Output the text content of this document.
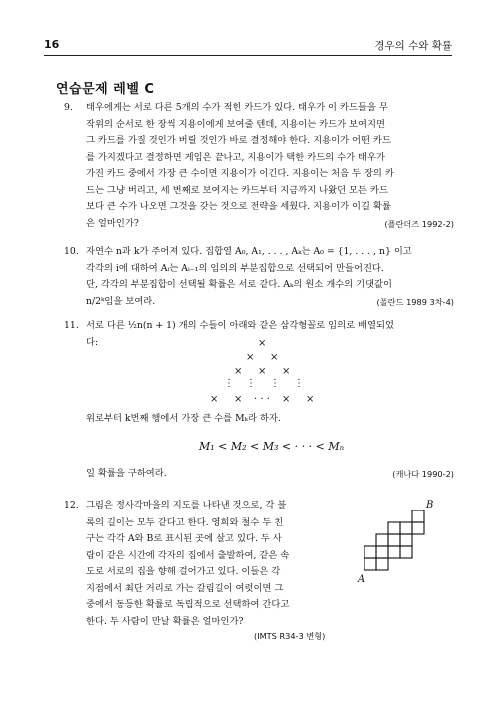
16	경우의 수와 확률
연습문제 레벨 C
9.	태우에게는 서로 다른 5개의 수가 적힌 카드가 있다. 태우가 이 카드들을 무
작위의 순서로 한 장씩 지용이에게 보여줄 텐데, 지용이는 카드가 보여지면
그 카드를 가질 것인가 버릴 것인가 바로 결정해야 한다. 지용이가 어떤 카드
를 가지겠다고 결정하면 게임은 끝나고, 지용이가 택한 카드의 수가 태우가
가진 카드 중에서 가장 큰 수이면 지용이가 이긴다. 지용이는 처음 두 장의 카
드는 그냥 버리고, 세 번째로 보여지는 카드부터 지금까지 나왔던 모든 카드
보다 큰 수가 나오면 그것을 갖는 것으로 전략을 세웠다. 지용이가 이길 확률
은 얼마인가?	(플란더즈 1992-2)
10. 자연수 n과 k가 주어져 있다. 집합열 A₀, A₁, . . . , Aₖ는 A₀ = {1, . . . , n} 이고
각각의 i에 대하여 Aᵢ는 Aᵢ₋₁의 임의의 부분집합으로 선택되어 만들어진다.
단, 각각의 부분집합이 선택될 확률은 서로 같다. Aₖ의 원소 개수의 기댓값이
n/2ᵏ임을 보여라.	(폴란드 1989 3차-4)
11. 서로 다른 ½n(n + 1) 개의 수들이 아래와 같은 삼각형꼴로 임의로 배열되었
다:	×
× ×
× × ×
⋮ ⋮ ⋮ ⋮
× × · · · × ×
위로부터 k번째 행에서 가장 큰 수를 Mₖ라 하자.
M₁ < M₂ < M₃ < · · · < Mₙ
일 확률을 구하여라.	(캐나다 1990-2)
12. 그림은 정사각마을의 지도를 나타낸 것으로, 각 블
록의 길이는 모두 같다고 한다. 영희와 철수 두 친
구는 각각 A와 B로 표시된 곳에 살고 있다. 두 사
람이 같은 시간에 각자의 집에서 출발하여, 같은 속
도로 서로의 집을 향해 걸어가고 있다. 이들은 각
지점에서 최단 거리로 가는 갈림길이 여럿이면 그
중에서 동등한 확률로 독립적으로 선택하여 간다고
한다. 두 사람이 만날 확률은 얼마인가?
(IMTS R34-3 변형)
B
A
